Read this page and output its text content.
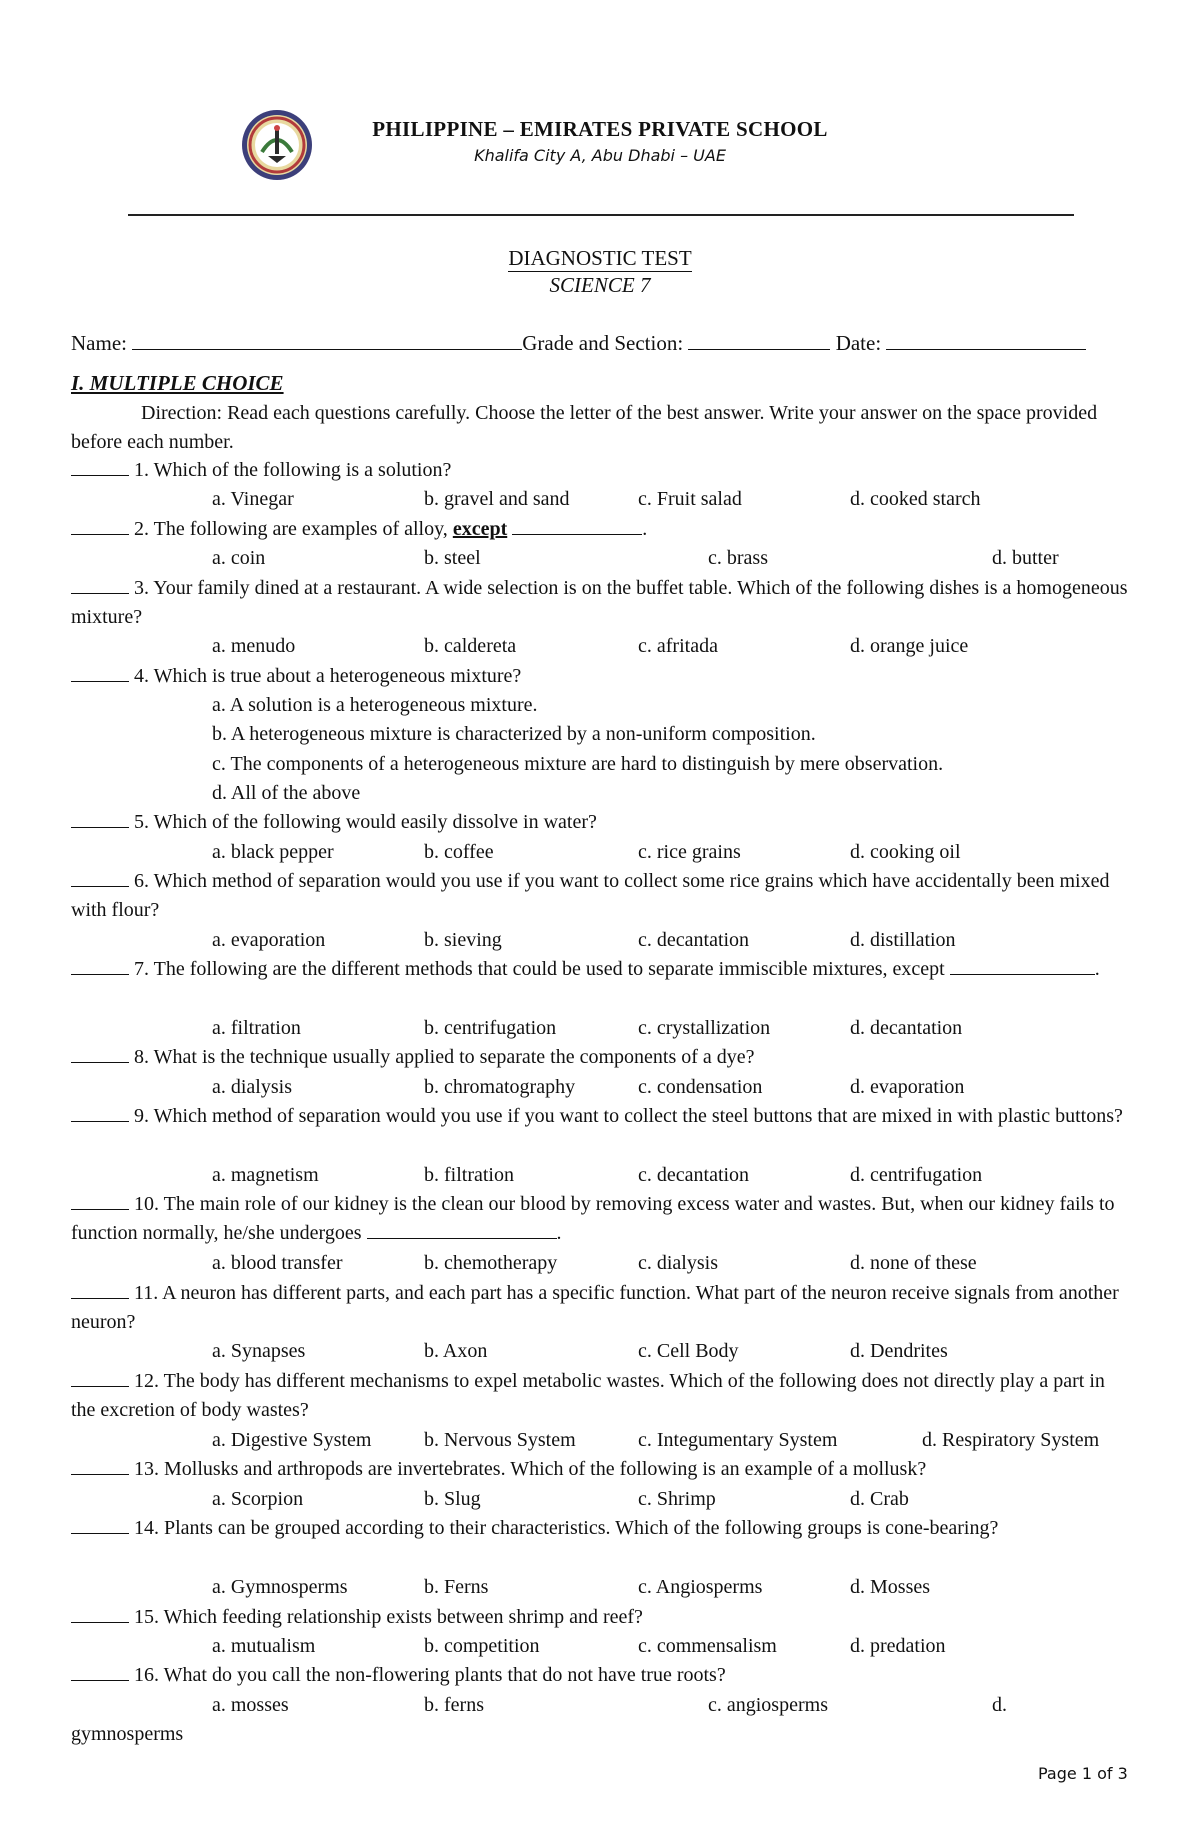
PHILIPPINE – EMIRATES PRIVATE SCHOOL
Khalifa City A, Abu Dhabi – UAE
DIAGNOSTIC TEST
SCIENCE 7
Name:	Grade and Section:	Date:
I. MULTIPLE CHOICE
Direction: Read each questions carefully. Choose the letter of the best answer. Write your answer on the space provided before each number.
1. Which of the following is a solution?
a. Vinegar	b. gravel and sand	c. Fruit salad	d. cooked starch
2. The following are examples of alloy, except	.
a. coin	b. steel	c. brass	d. butter
3. Your family dined at a restaurant. A wide selection is on the buffet table. Which of the following dishes is a homogeneous mixture?
a. menudo	b. caldereta	c. afritada	d. orange juice
4. Which is true about a heterogeneous mixture?
a. A solution is a heterogeneous mixture.
b. A heterogeneous mixture is characterized by a non-uniform composition.
c. The components of a heterogeneous mixture are hard to distinguish by mere observation.
d. All of the above
5. Which of the following would easily dissolve in water?
a. black pepper	b. coffee	c. rice grains	d. cooking oil
6. Which method of separation would you use if you want to collect some rice grains which have accidentally been mixed with flour?
a. evaporation	b. sieving	c. decantation	d. distillation
7. The following are the different methods that could be used to separate immiscible mixtures, except	.
a. filtration	b. centrifugation	c. crystallization	d. decantation
8. What is the technique usually applied to separate the components of a dye?
a. dialysis	b. chromatography	c. condensation	d. evaporation
9. Which method of separation would you use if you want to collect the steel buttons that are mixed in with plastic buttons?
a. magnetism	b. filtration	c. decantation	d. centrifugation
10. The main role of our kidney is the clean our blood by removing excess water and wastes. But, when our kidney fails to function normally, he/she undergoes	.
a. blood transfer	b. chemotherapy	c. dialysis	d. none of these
11. A neuron has different parts, and each part has a specific function. What part of the neuron receive signals from another neuron?
a. Synapses	b. Axon	c. Cell Body	d. Dendrites
12. The body has different mechanisms to expel metabolic wastes. Which of the following does not directly play a part in the excretion of body wastes?
a. Digestive System	b. Nervous System	c. Integumentary System	d. Respiratory System
13. Mollusks and arthropods are invertebrates. Which of the following is an example of a mollusk?
a. Scorpion	b. Slug	c. Shrimp	d. Crab
14. Plants can be grouped according to their characteristics. Which of the following groups is cone-bearing?
a. Gymnosperms	b. Ferns	c. Angiosperms	d. Mosses
15. Which feeding relationship exists between shrimp and reef?
a. mutualism	b. competition	c. commensalism	d. predation
16. What do you call the non-flowering plants that do not have true roots?
a. mosses	b. ferns	c. angiosperms	d.
gymnosperms
Page 1 of 3
